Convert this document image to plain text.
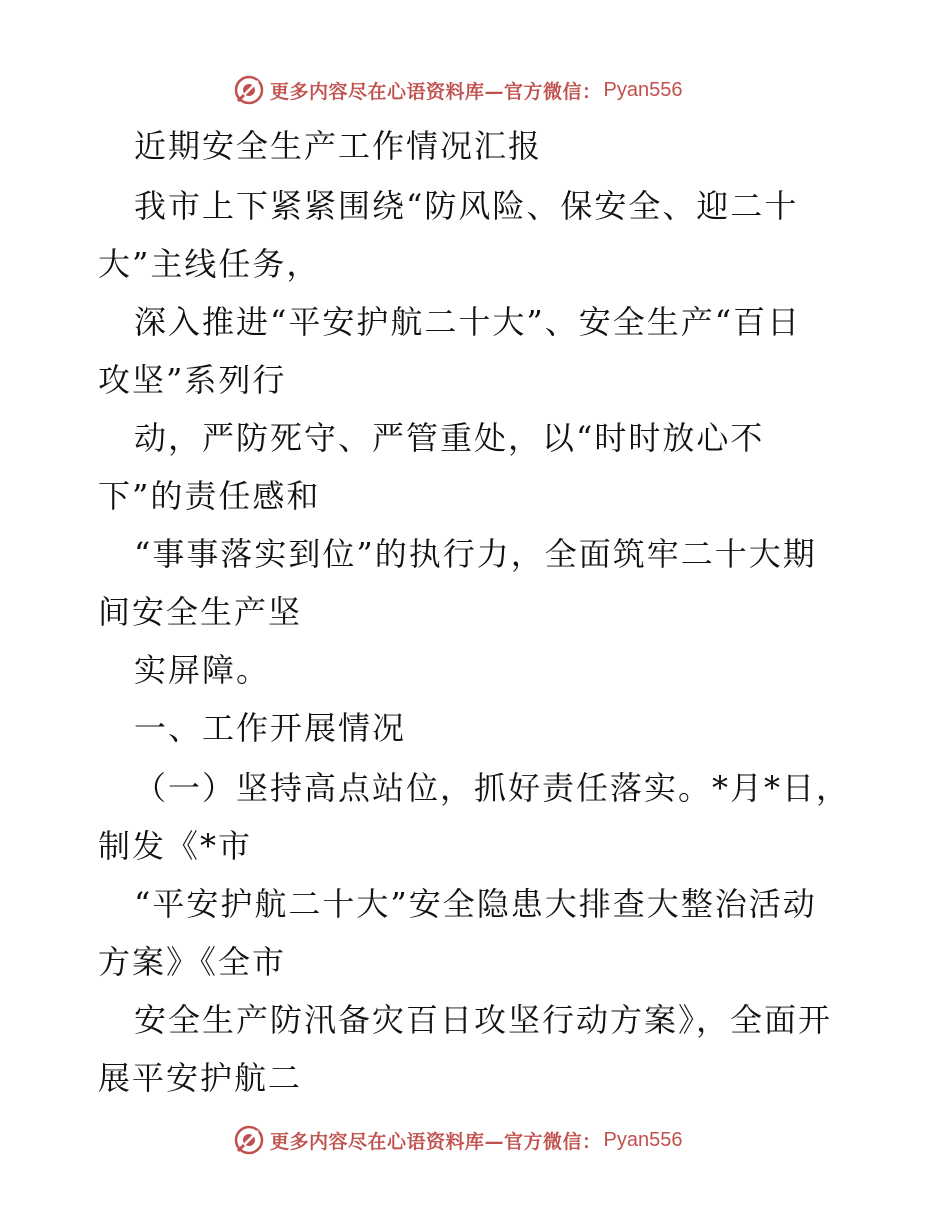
更多内容尽在心语资料库—官方微信： Pyan556
近期安全生产工作情况汇报
我市上下紧紧围绕“防风险、保安全、迎二十
大”主线任务，
深入推进“平安护航二十大”、安全生产“百日
攻坚”系列行
动，严防死守、严管重处，以“时时放心不
下”的责任感和
“事事落实到位”的执行力，全面筑牢二十大期
间安全生产坚
实屏障。
一、工作开展情况
（一）坚持高点站位，抓好责任落实。*月*日，
制发《*市
“平安护航二十大”安全隐患大排查大整治活动
方案》《全市
安全生产防汛备灾百日攻坚行动方案》，全面开
展平安护航二
更多内容尽在心语资料库—官方微信： Pyan556
